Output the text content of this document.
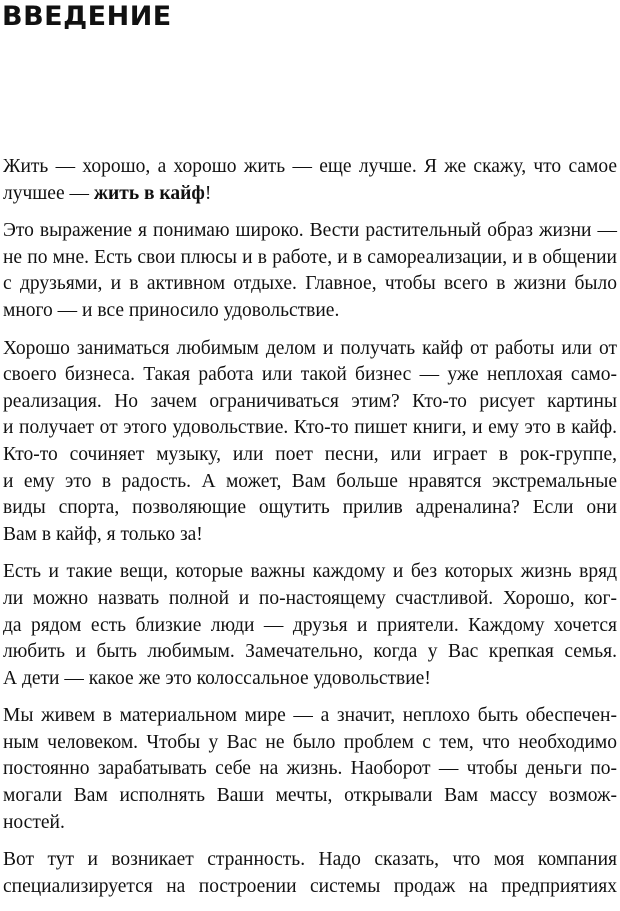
ВВЕДЕНИЕ

Жить — хорошо, а хорошо жить — еще лучше. Я же скажу, что самое
лучшее — жить в кайф!

Это выражение я понимаю широко. Вести растительный образ жизни —
не по мне. Есть свои плюсы и в работе, и в самореализации, и в общении
с друзьями, и в активном отдыхе. Главное, чтобы всего в жизни было
много — и все приносило удовольствие.

Хорошо заниматься любимым делом и получать кайф от работы или от
своего бизнеса. Такая работа или такой бизнес — уже неплохая само-
реализация. Но зачем ограничиваться этим? Кто-то рисует картины
и получает от этого удовольствие. Кто-то пишет книги, и ему это в кайф.
Кто-то сочиняет музыку, или поет песни, или играет в рок-группе,
и ему это в радость. А может, Вам больше нравятся экстремальные
виды спорта, позволяющие ощутить прилив адреналина? Если они
Вам в кайф, я только за!

Есть и такие вещи, которые важны каждому и без которых жизнь вряд
ли можно назвать полной и по-настоящему счастливой. Хорошо, ког-
да рядом есть близкие люди — друзья и приятели. Каждому хочется
любить и быть любимым. Замечательно, когда у Вас крепкая семья.
А дети — какое же это колоссальное удовольствие!

Мы живем в материальном мире — а значит, неплохо быть обеспечен-
ным человеком. Чтобы у Вас не было проблем с тем, что необходимо
постоянно зарабатывать себе на жизнь. Наоборот — чтобы деньги по-
могали Вам исполнять Ваши мечты, открывали Вам массу возмож-
ностей.

Вот тут и возникает странность. Надо сказать, что моя компания
специализируется на построении системы продаж на предприятиях
